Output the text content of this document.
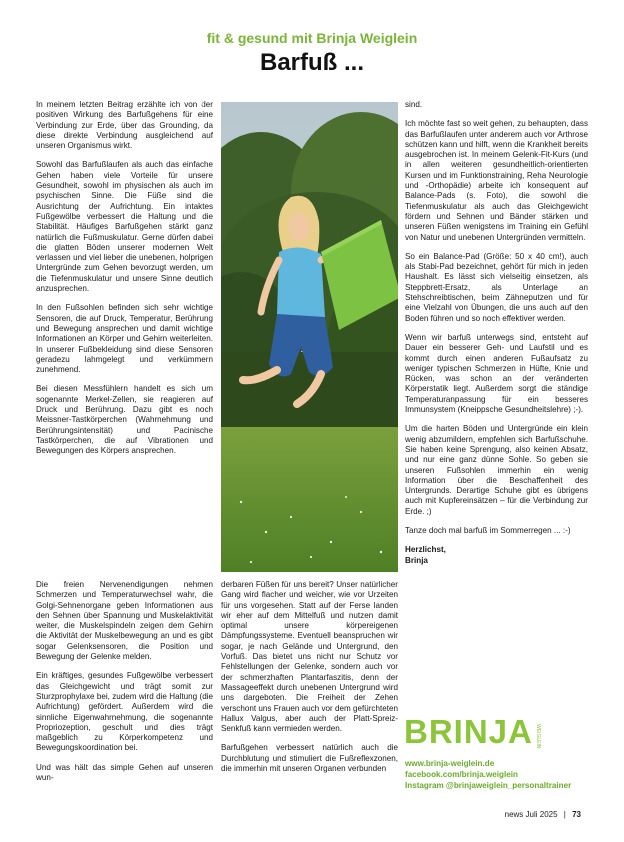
fit & gesund mit Brinja Weiglein
Barfuß ...

In meinem letzten Beitrag erzählte ich von der positiven Wirkung des Barfußgehens für eine Verbindung zur Erde, über das Grounding, da diese direkte Verbindung ausgleichend auf unseren Organismus wirkt.

Sowohl das Barfußlaufen als auch das einfache Gehen haben viele Vorteile für unsere Gesundheit, sowohl im physischen als auch im psychischen Sinne. Die Füße sind die Ausrichtung der Aufrichtung. Ein intaktes Fußgewölbe verbessert die Haltung und die Stabilität. Häufiges Barfußgehen stärkt ganz natürlich die Fußmuskulatur. Gerne dürfen dabei die glatten Böden unserer modernen Welt verlassen und viel lieber die unebenen, holprigen Untergründe zum Gehen bevorzugt werden, um die Tiefenmuskulatur und unsere Sinne deutlich anzusprechen.

In den Fußsohlen befinden sich sehr wichtige Sensoren, die auf Druck, Temperatur, Berührung und Bewegung ansprechen und damit wichtige Informationen an Körper und Gehirn weiterleiten. In unserer Fußbekleidung sind diese Sensoren geradezu lahmgelegt und verkümmern zunehmend.

Bei diesen Messfühlern handelt es sich um sogenannte Merkel-Zellen, sie reagieren auf Druck und Berührung. Dazu gibt es noch Meissner-Tastkörperchen (Wahrnehmung und Berührungsintensität) und Pacinische Tastkörperchen, die auf Vibrationen und Bewegungen des Körpers ansprechen.

Foto: Stefan Kattinger

Die freien Nervenendigungen nehmen Schmerzen und Temperaturwechsel wahr, die Golgi-Sehnenorgane geben Informationen aus den Sehnen über Spannung und Muskelaktivität weiter, die Muskelspindeln zeigen dem Gehirn die Aktivität der Muskelbewegung an und es gibt sogar Gelenksensoren, die Position und Bewegung der Gelenke melden.

Ein kräftiges, gesundes Fußgewölbe verbessert das Gleichgewicht und trägt somit zur Sturzprophylaxe bei, zudem wird die Haltung (die Aufrichtung) gefördert. Außerdem wird die sinnliche Eigenwahrnehmung, die sogenannte Propriozeption, geschult und dies trägt maßgeblich zu Körperkompetenz und Bewegungskoordination bei.

Und was hält das simple Gehen auf unseren wun-

derbaren Füßen für uns bereit? Unser natürlicher Gang wird flacher und weicher, wie vor Urzeiten für uns vorgesehen. Statt auf der Ferse landen wir eher auf dem Mittelfuß und nutzen damit optimal unsere körpereigenen Dämpfungssysteme. Eventuell beanspruchen wir sogar, je nach Gelände und Untergrund, den Vorfuß. Das bietet uns nicht nur Schutz vor Fehlstellungen der Gelenke, sondern auch vor der schmerzhaften Plantarfaszitis, denn der Massageeffekt durch unebenen Untergrund wird uns dargeboten. Die Freiheit der Zehen verschont uns Frauen auch vor dem gefürchteten Hallux Valgus, aber auch der Platt-Spreiz-Senkfuß kann vermieden werden.

Barfußgehen verbessert natürlich auch die Durchblutung und stimuliert die Fußreflexzonen, die immerhin mit unseren Organen verbunden

sind.

Ich möchte fast so weit gehen, zu behaupten, dass das Barfußlaufen unter anderem auch vor Arthrose schützen kann und hilft, wenn die Krankheit bereits ausgebrochen ist. In meinem Gelenk-Fit-Kurs (und in allen weiteren gesundheitlich-orientierten Kursen und im Funktionstraining, Reha Neurologie und -Orthopädie) arbeite ich konsequent auf Balance-Pads (s. Foto), die sowohl die Tiefenmuskulatur als auch das Gleichgewicht fördern und Sehnen und Bänder stärken und unseren Füßen wenigstens im Training ein Gefühl von Natur und unebenen Untergründen vermitteln.

So ein Balance-Pad (Größe: 50 x 40 cm!), auch als Stabi-Pad bezeichnet, gehört für mich in jeden Haushalt. Es lässt sich vielseitig einsetzen, als Steppbrett-Ersatz, als Unterlage an Stehschreibtischen, beim Zähneputzen und für eine Vielzahl von Übungen, die uns auch auf den Boden führen und so noch effektiver werden.

Wenn wir barfuß unterwegs sind, entsteht auf Dauer ein besserer Geh- und Laufstil und es kommt durch einen anderen Fußaufsatz zu weniger typischen Schmerzen in Hüfte, Knie und Rücken, was schon an der veränderten Körperstatik liegt. Außerdem sorgt die ständige Temperaturanpassung für ein besseres Immunsystem (Kneippsche Gesundheitslehre) ;-).

Um die harten Böden und Untergründe ein klein wenig abzumildern, empfehlen sich Barfußschuhe. Sie haben keine Sprengung, also keinen Absatz, und nur eine ganz dünne Sohle. So geben sie unseren Fußsohlen immerhin ein wenig Information über die Beschaffenheit des Untergrunds. Derartige Schuhe gibt es übrigens auch mit Kupfereinsätzen – für die Verbindung zur Erde. ;)

Tanze doch mal barfuß im Sommerregen ... :-)

Herzlichst,

Brinja

BRINJA WEIGLEIN
www.brinja-weiglein.de
facebook.com/brinja.weiglein
Instagram @brinjaweiglein_personaltrainer
news Juli 2025 | 73
